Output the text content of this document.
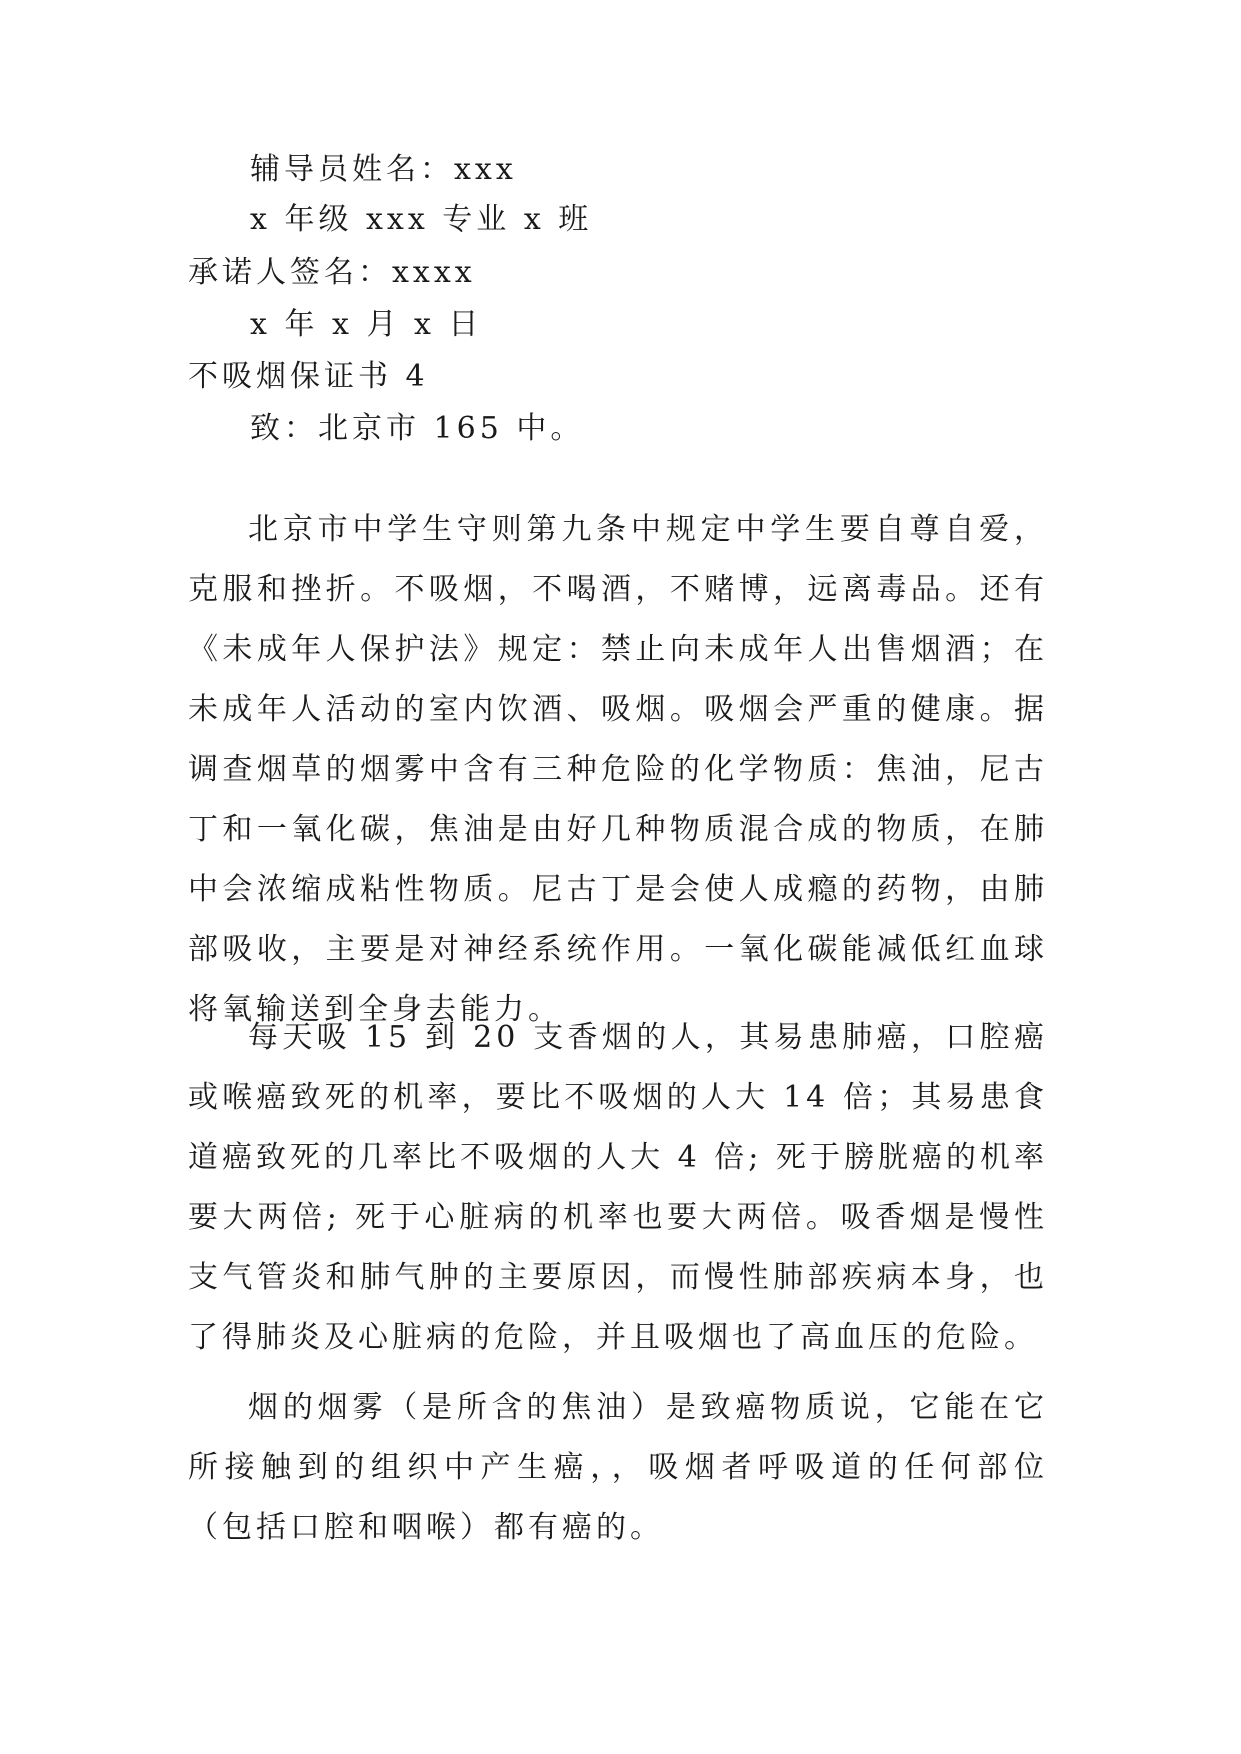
辅导员姓名：xxx
x 年级 xxx 专业 x 班
承诺人签名：xxxx
x 年 x 月 x 日
不吸烟保证书 4
致：北京市 165 中。

北京市中学生守则第九条中规定中学生要自尊自爱，克服和挫折。不吸烟，不喝酒，不赌博，远离毒品。还有《未成年人保护法》规定：禁止向未成年人出售烟酒；在未成年人活动的室内饮酒、吸烟。吸烟会严重的健康。据调查烟草的烟雾中含有三种危险的化学物质：焦油，尼古丁和一氧化碳，焦油是由好几种物质混合成的物质，在肺中会浓缩成粘性物质。尼古丁是会使人成瘾的药物，由肺部吸收，主要是对神经系统作用。一氧化碳能减低红血球将氧输送到全身去能力。

每天吸 15 到 20 支香烟的人，其易患肺癌，口腔癌或喉癌致死的机率，要比不吸烟的人大 14 倍；其易患食道癌致死的几率比不吸烟的人大 4 倍; 死于膀胱癌的机率要大两倍; 死于心脏病的机率也要大两倍。吸香烟是慢性支气管炎和肺气肿的主要原因，而慢性肺部疾病本身，也了得肺炎及心脏病的危险，并且吸烟也了高血压的危险。

烟的烟雾（是所含的焦油）是致癌物质说，它能在它所接触到的组织中产生癌，，吸烟者呼吸道的任何部位（包括口腔和咽喉）都有癌的。
